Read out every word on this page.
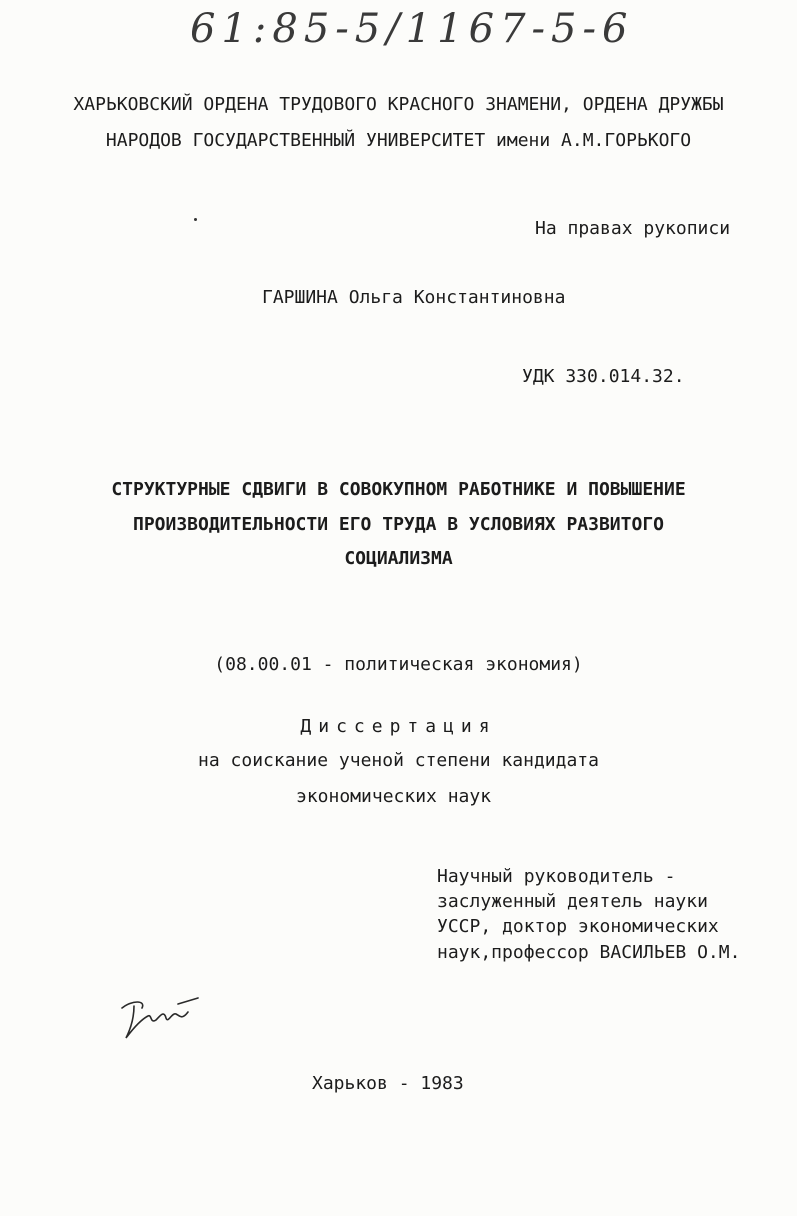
61:85-5/1167-5-6
ХАРЬКОВСКИЙ ОРДЕНА ТРУДОВОГО КРАСНОГО ЗНАМЕНИ, ОРДЕНА ДРУЖБЫ
НАРОДОВ ГОСУДАРСТВЕННЫЙ УНИВЕРСИТЕТ имени А.М.ГОРЬКОГО
На правах рукописи
ГАРШИНА Ольга Константиновна
УДК 330.014.32.
СТРУКТУРНЫЕ СДВИГИ В СОВОКУПНОМ РАБОТНИКЕ И ПОВЫШЕНИЕ
ПРОИЗВОДИТЕЛЬНОСТИ ЕГО ТРУДА В УСЛОВИЯХ РАЗВИТОГО
СОЦИАЛИЗМА
(08.00.01 - политическая экономия)
Диссертация
на соискание ученой степени кандидата
экономических наук
Научный руководитель -
заслуженный деятель науки
УССР, доктор экономических
наук,профессор ВАСИЛЬЕВ О.М.
Харьков - 1983
